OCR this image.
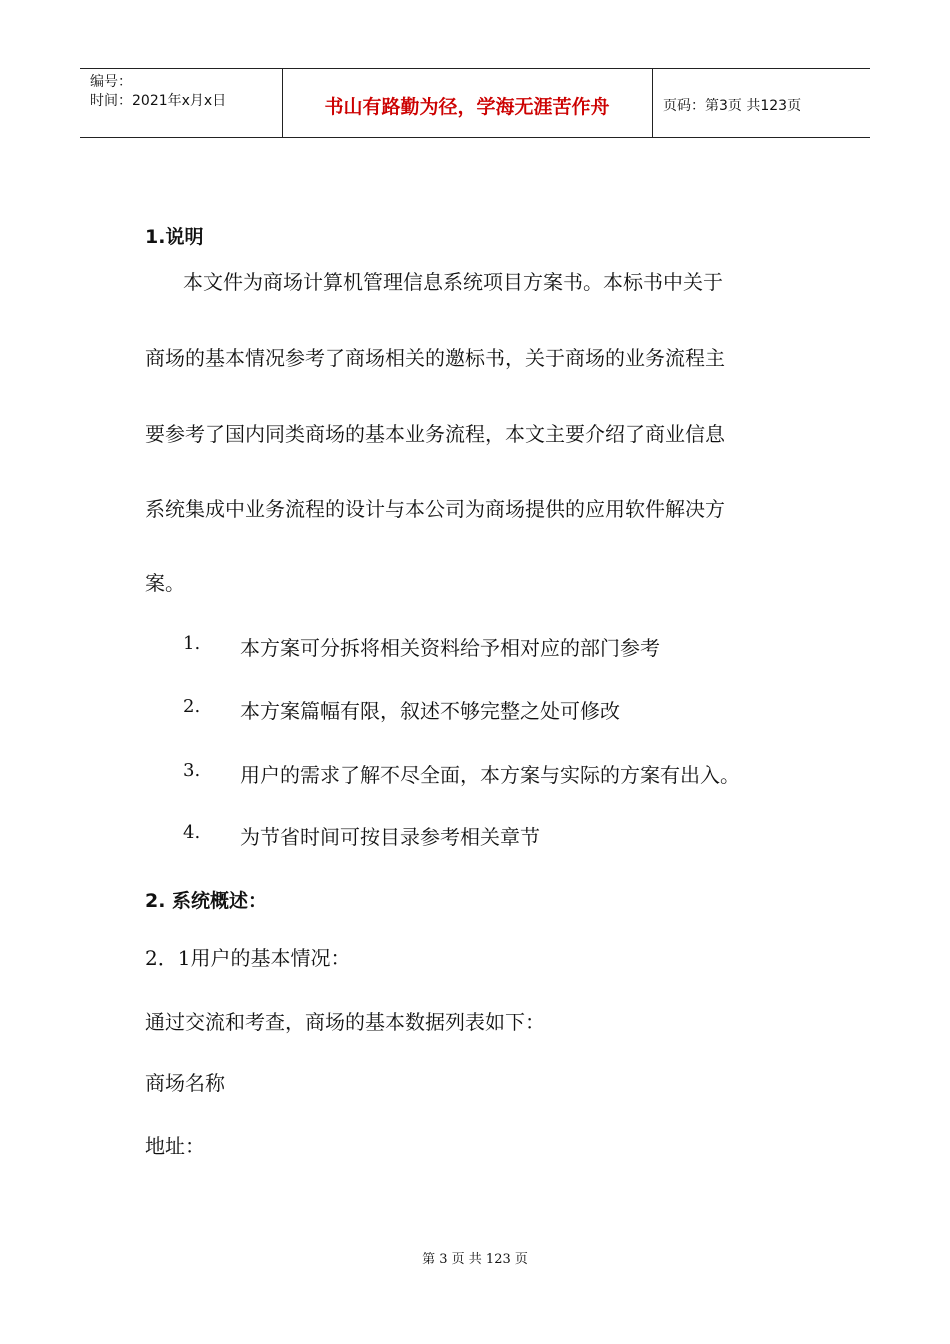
编号：
时间：2021年x月x日	书山有路勤为径，学海无涯苦作舟	页码：第3页 共123页
1.说明
本文件为商场计算机管理信息系统项目方案书。本标书中关于
商场的基本情况参考了商场相关的邀标书，关于商场的业务流程主
要参考了国内同类商场的基本业务流程，本文主要介绍了商业信息
系统集成中业务流程的设计与本公司为商场提供的应用软件解决方
案。
1. 本方案可分拆将相关资料给予相对应的部门参考
2. 本方案篇幅有限，叙述不够完整之处可修改
3. 用户的需求了解不尽全面，本方案与实际的方案有出入。
4. 为节省时间可按目录参考相关章节
2. 系统概述：
2．1用户的基本情况：
通过交流和考查，商场的基本数据列表如下：
商场名称
地址：
第 3 页 共 123 页
